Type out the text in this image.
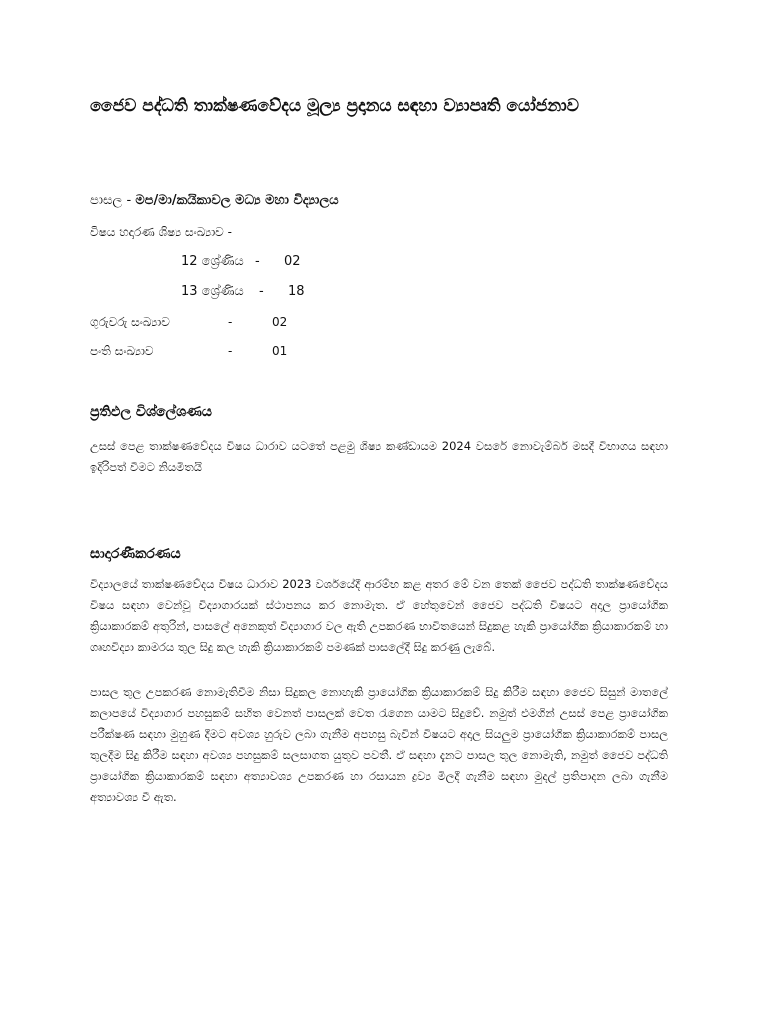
ජෛව පද්ධති තාක්ෂණවේදය මූල්‍ය ප්‍රදානය සඳහා ව්‍යාපෘති යෝජනාව
පාසල - මප/මා/කයිකාවල මධ්‍ය මහා විද්‍යාලය
විෂය හදාරණ ශිෂ්‍ය සංඛ්‍යාව -
12 ශ්‍රේණිය - 02
13 ශ්‍රේණිය - 18
ගුරුවරු සංඛ්‍යාව	-	02
පංති සංඛ්‍යාව	-	01
ප්‍රතිඵල විශ්ලේශණය
උසස් පෙළ තාක්ෂණවේදය විෂය ධාරාව යටතේ පළමු ශිෂ්‍ය කණ්ඩායම 2024 වසරේ නොවැම්බර් මසදී විභාගය සඳහා ඉදිරිපත් වීමට නියමිතයි
සාදාරණීකරණය
විද්‍යාලයේ තාක්ෂණවේදය විෂය ධාරාව 2023 වර්ශයේදී ආරම්භ කළ අතර මේ වන තෙක් ජෛව පද්ධති තාක්ෂණවේදය විෂය සඳහා වෙන්වූ විද්‍යාගාරයක් ස්ථාපනය කර නොමැත. ඒ හේතුවෙන් ජෛව පද්ධති විෂයට අදාල ප්‍රායෝගික ක්‍රියාකාරකම් අතුරින්, පාසලේ අනෙකුත් විද්‍යාගාර වල ඇති උපකරණ භාවිතයෙන් සිදුකළ හැකි ප්‍රායෝගික ක්‍රියාකාරකම් හා ගෘහවිද්‍යා කාමරය තුල සිදු කල හැකි ක්‍රියාකාරකම් පමණක් පාසලේදී සිදු කරණු ලැබේ.
පාසල තුල උපකරණ නොමැතිවීම නිසා සිදුකල නොහැකි ප්‍රායෝගික ක්‍රියාකාරකම් සිදු කිරීම සඳහා ජෛව සිසුන් මාතලේ කලාපයේ විද්‍යාගාර පහසුකම් සහිත වෙනත් පාසලක් වෙත රැගෙන යාමට සිදුවේ. නමුත් එමගින් උසස් පෙළ ප්‍රායෝගික පරීක්ෂණ සඳහා මුහුණ දීමට අවශ්‍ය හුරුව ලබා ගැනීම අපහසු බැවින් විෂයට අදාල සියලුම ප්‍රායෝගික ක්‍රියාකාරකම් පාසල තුලදීම සිදු කිරීම සඳහා අවශ්‍ය පහසුකම් සලසාගත යුතුව පවතී. ඒ සඳහා දැනට පාසල තුල නොමැති, නමුත් ජෛව පද්ධති ප්‍රායෝගික ක්‍රියාකාරකම් සඳහා අත්‍යාවශ්‍ය උපකරණ හා රසායන ද්‍රව්‍ය මිලදී ගැනීම සඳහා මුදල් ප්‍රතිපාදන ලබා ගැනීම අත්‍යාවශ්‍ය වී ඇත.
